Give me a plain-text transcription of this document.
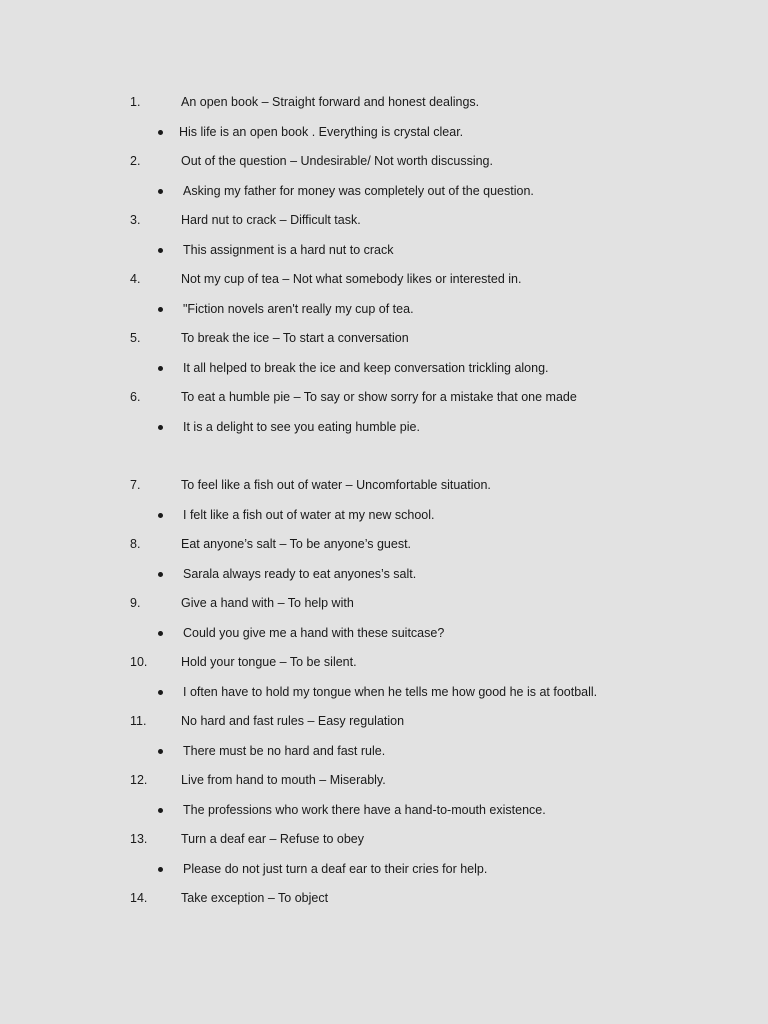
1.	An open book – Straight forward and honest dealings.
His life is an open book . Everything is crystal clear.
2.	Out of the question – Undesirable/ Not worth discussing.
Asking my father for money was completely out of the question.
3.	Hard nut to crack – Difficult task.
This assignment is a hard nut to crack
4.	Not my cup of tea – Not what somebody likes or interested in.
"Fiction novels aren't really my cup of tea.
5.	To break the ice – To start a conversation
It all helped to break the ice and keep conversation trickling along.
6.	To eat a humble pie – To say or show sorry for a mistake that one made
It is a delight to see you eating humble pie.
7.	To feel like a fish out of water – Uncomfortable situation.
I felt like a fish out of water at my new school.
8.	Eat anyone’s salt – To be anyone’s guest.
Sarala always ready to eat anyones’s salt.
9.	Give a hand with – To help with
Could you give me a hand with these suitcase?
10.	Hold your tongue – To be silent.
I often have to hold my tongue when he tells me how good he is at football.
11.	No hard and fast rules – Easy regulation
There must be no hard and fast rule.
12.	Live from hand to mouth – Miserably.
The professions who work there have a hand-to-mouth existence.
13.	Turn a deaf ear – Refuse to obey
Please do not just turn a deaf ear to their cries for help.
14.	Take exception – To object
